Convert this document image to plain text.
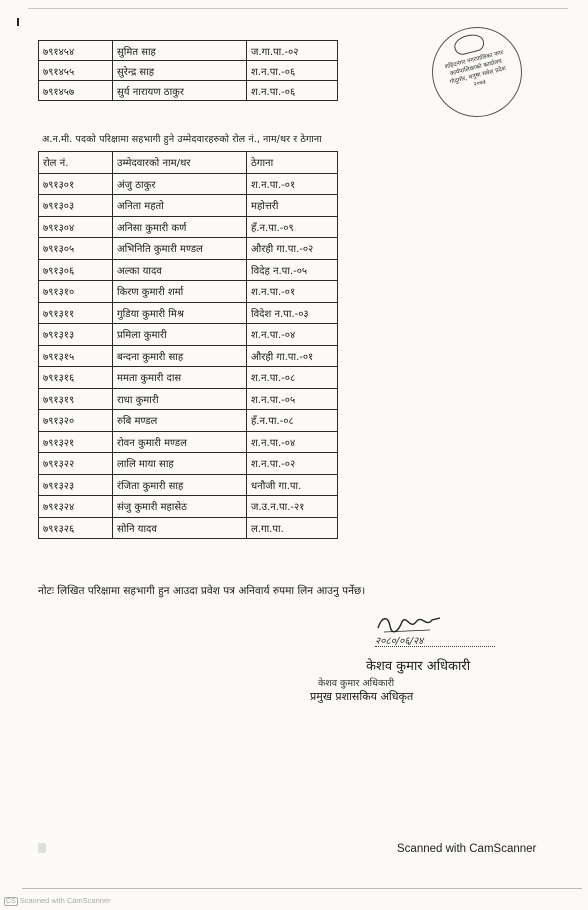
७९१४५४	सुमित साह	ज.गा.पा.-०२
७९१४५५	सुरेन्द्र साह	श.न.पा.-०६
७९१४५७	सुर्य नारायण ठाकुर	श.न.पा.-०६
शहिदनगर नगरपालिका नगर कार्यपालिकाको कार्यालय गोदुमोर, धनुषा मधेश प्रदेश २०७३
अ.न.मी. पदको परिक्षामा सहभागी हुने उम्मेदवारहरुको रोल नं., नाम/थर र ठेगाना
रोल नं.	उम्मेदवारको नाम/थर	ठेगाना
७९१३०१	अंजु ठाकुर	श.न.पा.-०१
७९१३०३	अनिता महतो	महोत्तरी
७९१३०४	अनिसा कुमारी कर्ण	हँ.न.पा.-०९
७९१३०५	अभिनिति कुमारी मण्डल	औरही गा.पा.-०२
७९१३०६	अल्का यादव	विदेह न.पा.-०५
७९१३१०	किरण कुमारी शर्मा	श.न.पा.-०१
७९१३११	गुडिया कुमारी मिश्र	विदेश न.पा.-०३
७९१३१३	प्रमिला कुमारी	श.न.पा.-०४
७९१३१५	बन्दना कुमारी साह	औरही गा.पा.-०१
७९१३१६	ममता कुमारी दास	श.न.पा.-०८
७९१३१९	राधा कुमारी	श.न.पा.-०५
७९१३२०	रुबि मण्डल	हँ.न.पा.-०८
७९१३२१	रोवन कुमारी मण्डल	श.न.पा.-०४
७९१३२२	लालि माया साह	श.न.पा.-०२
७९१३२३	रंजिता कुमारी साह	धनौजी गा.पा.
७९१३२४	संजु कुमारी महासेठ	ज.उ.न.पा.-२१
७९१३२६	सोनि यादव	ल.गा.पा.
नोटः लिखित परिक्षामा सहभागी हुन आउदा प्रवेश पत्र अनिवार्य रुपमा लिन आउनु पर्नेछ।
२०८०/०६/२४
केशव कुमार अधिकारी
केशव कुमार अधिकारी
प्रमुख प्रशासकिय अधिकृत
Scanned with CamScanner
CS Scanned with CamScanner
